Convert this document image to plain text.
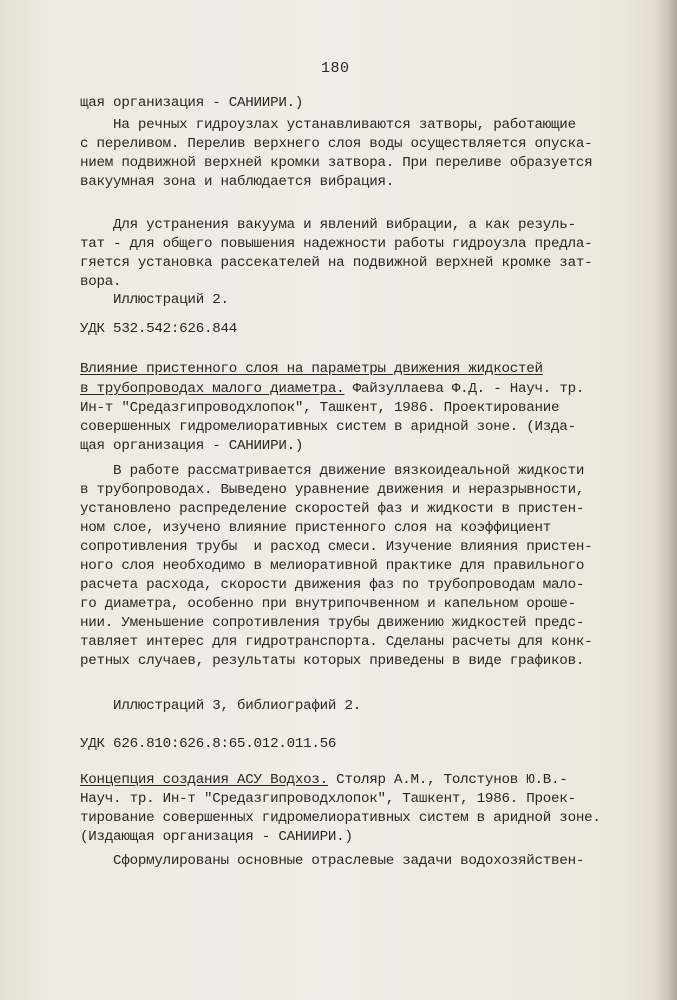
180
щая организация - САНИИРИ.)
На речных гидроузлах устанавливаются затворы, работающие
с переливом. Перелив верхнего слоя воды осуществляется опуска-
нием подвижной верхней кромки затвора. При переливе образуется
вакуумная зона и наблюдается вибрация.
Для устранения вакуума и явлений вибрации, а как резуль-
тат - для общего повышения надежности работы гидроузла предла-
гяется установка рассекателей на подвижной верхней кромке зат-
вора.
Иллюстраций 2.
УДК 532.542:626.844
Влияние пристенного слоя на параметры движения жидкостей
в трубопроводах малого диаметра. Файзуллаева Ф.Д. - Науч. тр.
Ин-т "Средазгипроводхлопок", Ташкент, 1986. Проектирование
совершенных гидромелиоративных систем в аридной зоне. (Изда-
щая организация - САНИИРИ.)
В работе рассматривается движение вязкоидеальной жидкости
в трубопроводах. Выведено уравнение движения и неразрывности,
установлено распределение скоростей фаз и жидкости в пристен-
ном слое, изучено влияние пристенного слоя на коэффициент
сопротивления трубы  и расход смеси. Изучение влияния пристен-
ного слоя необходимо в мелиоративной практике для правильного
расчета расхода, скорости движения фаз по трубопроводам мало-
го диаметра, особенно при внутрипочвенном и капельном ороше-
нии. Уменьшение сопротивления трубы движению жидкостей предс-
тавляет интерес для гидротранспорта. Сделаны расчеты для конк-
ретных случаев, результаты которых приведены в виде графиков.
Иллюстраций 3, библиографий 2.
УДК 626.810:626.8:65.012.011.56
Концепция создания АСУ Водхоз. Столяр А.М., Толстунов Ю.В.-
Науч. тр. Ин-т "Средазгипроводхлопок", Ташкент, 1986. Проек-
тирование совершенных гидромелиоративных систем в аридной зоне.
(Издающая организация - САНИИРИ.)
Сформулированы основные отраслевые задачи водохозяйствен-
